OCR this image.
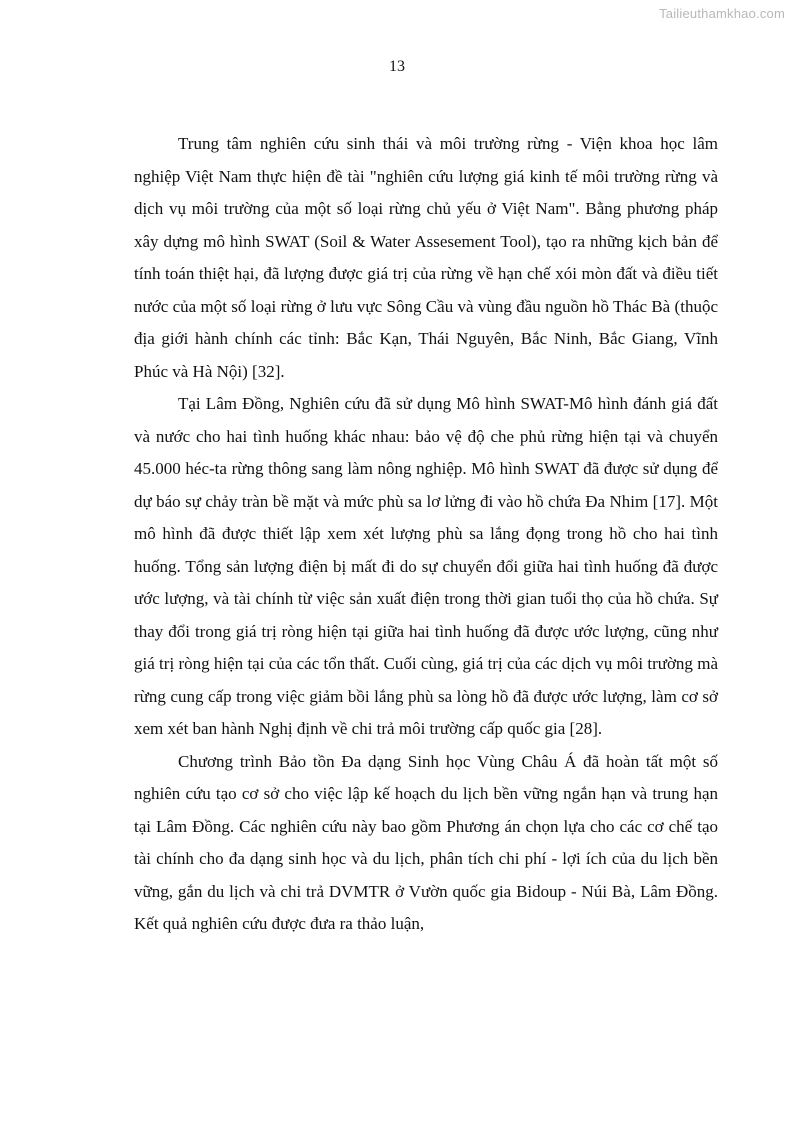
Tailieuthamkhao.com
13

Trung tâm nghiên cứu sinh thái và môi trường rừng - Viện khoa học lâm nghiệp Việt Nam thực hiện đề tài "nghiên cứu lượng giá kinh tế môi trường rừng và dịch vụ môi trường của một số loại rừng chủ yếu ở Việt Nam". Bằng phương pháp xây dựng mô hình SWAT (Soil & Water Assesement Tool), tạo ra những kịch bản để tính toán thiệt hại, đã lượng được giá trị của rừng về hạn chế xói mòn đất và điều tiết nước của một số loại rừng ở lưu vực Sông Cầu và vùng đầu nguồn hồ Thác Bà (thuộc địa giới hành chính các tỉnh: Bắc Kạn, Thái Nguyên, Bắc Ninh, Bắc Giang, Vĩnh Phúc và Hà Nội) [32].

Tại Lâm Đồng, Nghiên cứu đã sử dụng Mô hình SWAT-Mô hình đánh giá đất và nước cho hai tình huống khác nhau: bảo vệ độ che phủ rừng hiện tại và chuyển 45.000 héc-ta rừng thông sang làm nông nghiệp. Mô hình SWAT đã được sử dụng để dự báo sự chảy tràn bề mặt và mức phù sa lơ lửng đi vào hồ chứa Đa Nhim [17]. Một mô hình đã được thiết lập xem xét lượng phù sa lắng đọng trong hồ cho hai tình huống. Tổng sản lượng điện bị mất đi do sự chuyển đổi giữa hai tình huống đã được ước lượng, và tài chính từ việc sản xuất điện trong thời gian tuổi thọ của hồ chứa. Sự thay đổi trong giá trị ròng hiện tại giữa hai tình huống đã được ước lượng, cũng như giá trị ròng hiện tại của các tổn thất. Cuối cùng, giá trị của các dịch vụ môi trường mà rừng cung cấp trong việc giảm bồi lắng phù sa lòng hồ đã được ước lượng, làm cơ sở xem xét ban hành Nghị định về chi trả môi trường cấp quốc gia [28].

Chương trình Bảo tồn Đa dạng Sinh học Vùng Châu Á đã hoàn tất một số nghiên cứu tạo cơ sở cho việc lập kế hoạch du lịch bền vững ngắn hạn và trung hạn tại Lâm Đồng. Các nghiên cứu này bao gồm Phương án chọn lựa cho các cơ chế tạo tài chính cho đa dạng sinh học và du lịch, phân tích chi phí - lợi ích của du lịch bền vững, gắn du lịch và chi trả DVMTR ở Vườn quốc gia Bidoup - Núi Bà, Lâm Đồng. Kết quả nghiên cứu được đưa ra thảo luận,
